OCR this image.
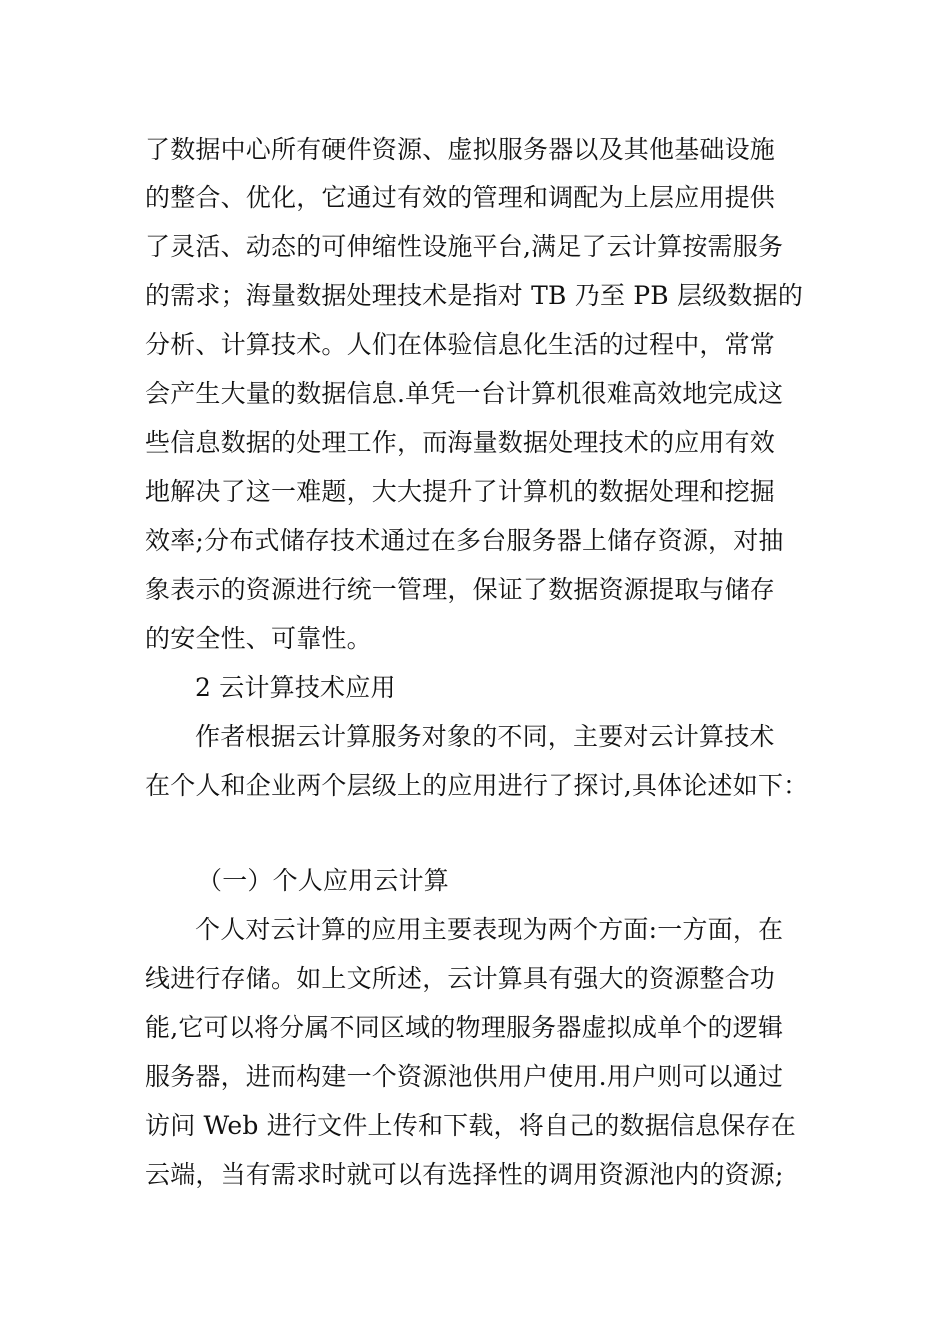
了数据中心所有硬件资源、虚拟服务器以及其他基础设施
的整合、优化，它通过有效的管理和调配为上层应用提供
了灵活、动态的可伸缩性设施平台,满足了云计算按需服务
的需求；海量数据处理技术是指对 TB 乃至 PB 层级数据的
分析、计算技术。人们在体验信息化生活的过程中，常常
会产生大量的数据信息.单凭一台计算机很难高效地完成这
些信息数据的处理工作，而海量数据处理技术的应用有效
地解决了这一难题，大大提升了计算机的数据处理和挖掘
效率;分布式储存技术通过在多台服务器上储存资源，对抽
象表示的资源进行统一管理，保证了数据资源提取与储存
的安全性、可靠性。
2 云计算技术应用
作者根据云计算服务对象的不同，主要对云计算技术
在个人和企业两个层级上的应用进行了探讨,具体论述如下：
（一）个人应用云计算
个人对云计算的应用主要表现为两个方面:一方面，在
线进行存储。如上文所述，云计算具有强大的资源整合功
能,它可以将分属不同区域的物理服务器虚拟成单个的逻辑
服务器，进而构建一个资源池供用户使用.用户则可以通过
访问 Web 进行文件上传和下载，将自己的数据信息保存在
云端，当有需求时就可以有选择性的调用资源池内的资源;
